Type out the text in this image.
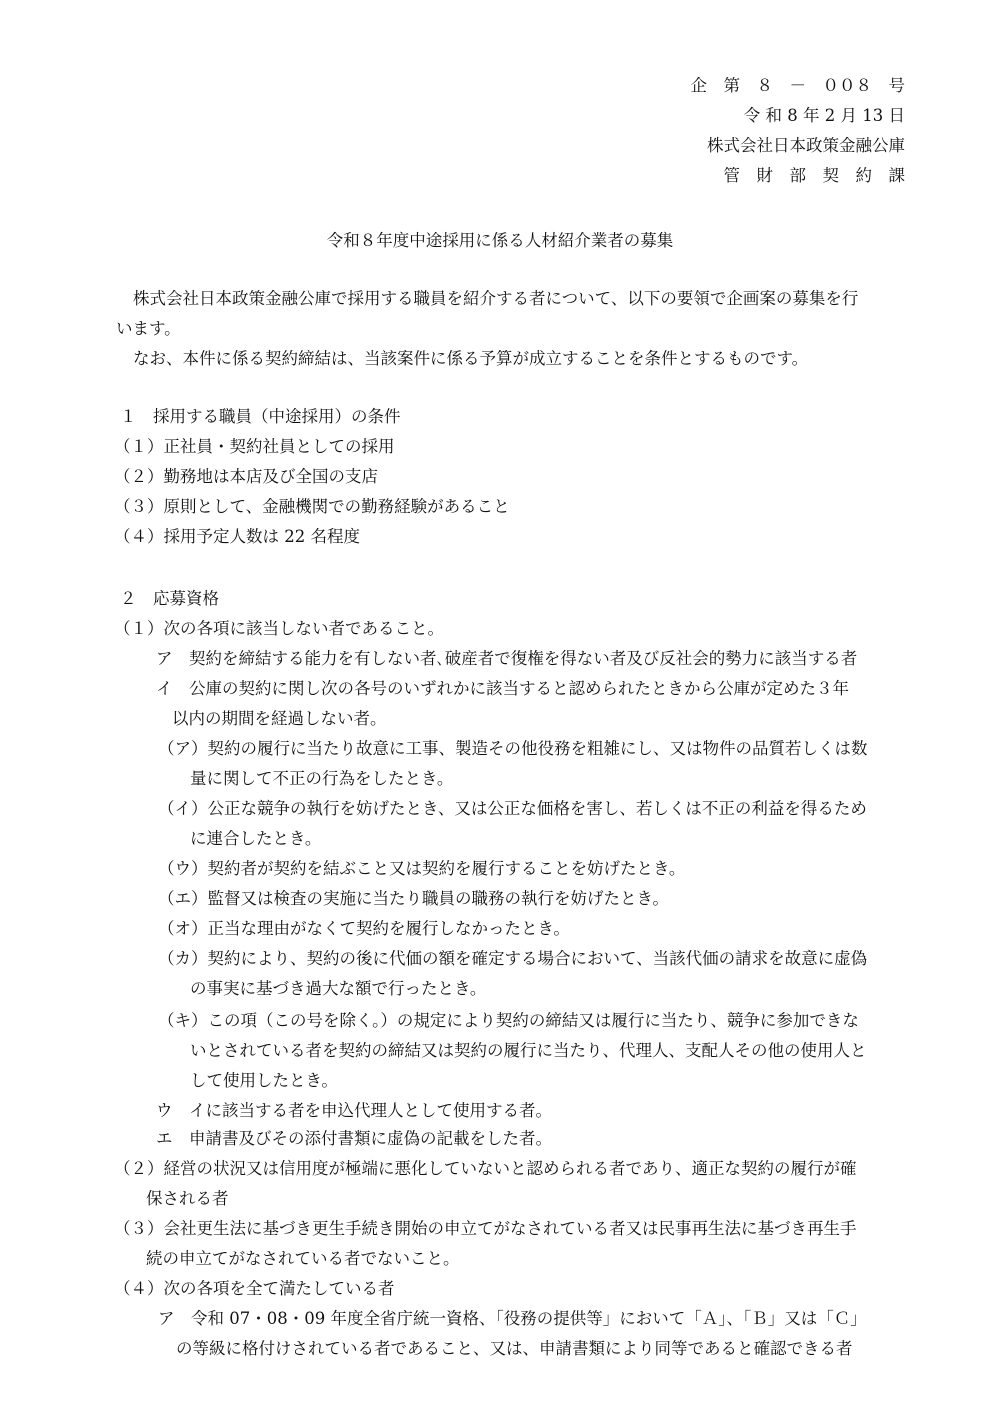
企　第　８　－　００８　号
令 和 8 年 2 月 13 日
株式会社日本政策金融公庫
管　財　部　契　約　課
令和８年度中途採用に係る人材紹介業者の募集
株式会社日本政策金融公庫で採用する職員を紹介する者について、以下の要領で企画案の募集を行
います。
なお、本件に係る契約締結は、当該案件に係る予算が成立することを条件とするものです。
１　採用する職員（中途採用）の条件
（１）正社員・契約社員としての採用
（２）勤務地は本店及び全国の支店
（３）原則として、金融機関での勤務経験があること
（４）採用予定人数は 22 名程度
２　応募資格
（１）次の各項に該当しない者であること。
ア　契約を締結する能力を有しない者､破産者で復権を得ない者及び反社会的勢力に該当する者
イ　公庫の契約に関し次の各号のいずれかに該当すると認められたときから公庫が定めた３年
以内の期間を経過しない者。
（ア）契約の履行に当たり故意に工事、製造その他役務を粗雑にし、又は物件の品質若しくは数
量に関して不正の行為をしたとき。
（イ）公正な競争の執行を妨げたとき、又は公正な価格を害し、若しくは不正の利益を得るため
に連合したとき。
（ウ）契約者が契約を結ぶこと又は契約を履行することを妨げたとき。
（エ）監督又は検査の実施に当たり職員の職務の執行を妨げたとき。
（オ）正当な理由がなくて契約を履行しなかったとき。
（カ）契約により、契約の後に代価の額を確定する場合において、当該代価の請求を故意に虚偽
の事実に基づき過大な額で行ったとき。
（キ）この項（この号を除く。）の規定により契約の締結又は履行に当たり、競争に参加できな
いとされている者を契約の締結又は契約の履行に当たり、代理人、支配人その他の使用人と
して使用したとき。
ウ　イに該当する者を申込代理人として使用する者。
エ　申請書及びその添付書類に虚偽の記載をした者。
（２）経営の状況又は信用度が極端に悪化していないと認められる者であり、適正な契約の履行が確
保される者
（３）会社更生法に基づき更生手続き開始の申立てがなされている者又は民事再生法に基づき再生手
続の申立てがなされている者でないこと。
（４）次の各項を全て満たしている者
ア　令和 07・08・09 年度全省庁統一資格、「役務の提供等」において「Ａ」、「Ｂ」又は「Ｃ」
の等級に格付けされている者であること、又は、申請書類により同等であると確認できる者
